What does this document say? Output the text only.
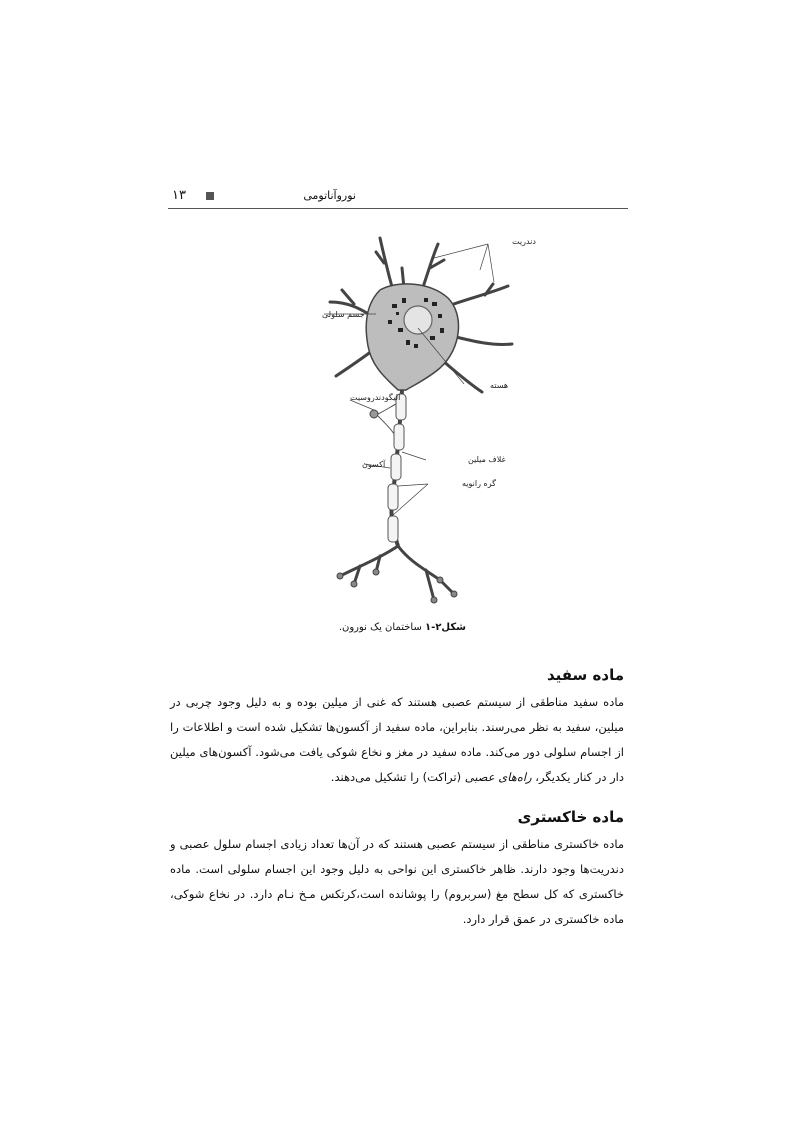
۱۳	نوروآناتومی
دندریت
جسم سلولی
هسته
الیگودندروسیت
آکسون
غلاف میلین
گره رانویه
شکل۲-۱ ساختمان یک نورون.
ماده سفید
ماده سفید مناطقی از سیستم عصبی هستند که غنی از میلین بوده و به دلیل وجود چربی در میلین، سفید به نظر می‌رسند. بنابراین، ماده سفید از آکسون‌ها تشکیل شده است و اطلاعات را از اجسام سلولی دور می‌کند. ماده سفید در مغز و نخاع شوکی یافت می‌شود. آکسون‌های میلین دار در کنار یکدیگر، راه‌های عصبی (تراکت) را تشکیل می‌دهند.
ماده خاکستری
ماده خاکستری مناطقی از سیستم عصبی هستند که در آن‌ها تعداد زیادی اجسام سلول عصبی و دندریت‌ها وجود دارند. ظاهر خاکستری این نواحی به دلیل وجود این اجسام سلولی است. ماده خاکستری که کل سطح مغ (سربروم) را پوشانده است،کرتکس مـخ نـام دارد. در نخاع شوکی، ماده خاکستری در عمق قرار دارد.
